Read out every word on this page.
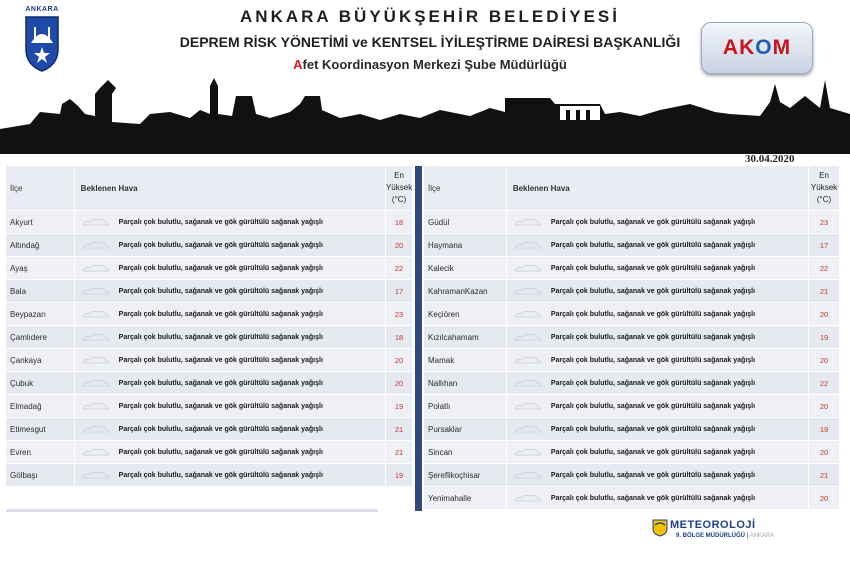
ANKARA	ANKARA BÜYÜKŞEHİR BELEDİYESİ
DEPREM RİSK YÖNETİMİ ve KENTSEL İYİLEŞTİRME DAİRESİ BAŞKANLIĞI
Afet Koordinasyon Merkezi Şube Müdürlüğü
AKOM
30.04.2020
İlçe	Beklenen Hava
En
Yüksek
(°C)
Akyurt	Parçalı çok bulutlu, sağanak ve gök gürültülü sağanak yağışlı	18
Altındağ	Parçalı çok bulutlu, sağanak ve gök gürültülü sağanak yağışlı	20
Ayaş	Parçalı çok bulutlu, sağanak ve gök gürültülü sağanak yağışlı	22
Bala	Parçalı çok bulutlu, sağanak ve gök gürültülü sağanak yağışlı	17
Beypazarı	Parçalı çok bulutlu, sağanak ve gök gürültülü sağanak yağışlı	23
Çamlıdere	Parçalı çok bulutlu, sağanak ve gök gürültülü sağanak yağışlı	18
Çankaya	Parçalı çok bulutlu, sağanak ve gök gürültülü sağanak yağışlı	20
Çubuk	Parçalı çok bulutlu, sağanak ve gök gürültülü sağanak yağışlı	20
Elmadağ	Parçalı çok bulutlu, sağanak ve gök gürültülü sağanak yağışlı	19
Etimesgut	Parçalı çok bulutlu, sağanak ve gök gürültülü sağanak yağışlı	21
Evren	Parçalı çok bulutlu, sağanak ve gök gürültülü sağanak yağışlı	21
Gölbaşı	Parçalı çok bulutlu, sağanak ve gök gürültülü sağanak yağışlı	19
İlçe	Beklenen Hava
En
Yüksek
(°C)
Güdül	Parçalı çok bulutlu, sağanak ve gök gürültülü sağanak yağışlı	23
Haymana	Parçalı çok bulutlu, sağanak ve gök gürültülü sağanak yağışlı	17
Kalecik	Parçalı çok bulutlu, sağanak ve gök gürültülü sağanak yağışlı	22
KahramanKazan	Parçalı çok bulutlu, sağanak ve gök gürültülü sağanak yağışlı	21
Keçiören	Parçalı çok bulutlu, sağanak ve gök gürültülü sağanak yağışlı	20
Kızılcahamam	Parçalı çok bulutlu, sağanak ve gök gürültülü sağanak yağışlı	19
Mamak	Parçalı çok bulutlu, sağanak ve gök gürültülü sağanak yağışlı	20
Nallıhan	Parçalı çok bulutlu, sağanak ve gök gürültülü sağanak yağışlı	22
Polatlı	Parçalı çok bulutlu, sağanak ve gök gürültülü sağanak yağışlı	20
Pursaklar	Parçalı çok bulutlu, sağanak ve gök gürültülü sağanak yağışlı	19
Sincan	Parçalı çok bulutlu, sağanak ve gök gürültülü sağanak yağışlı	20
Şereflikoçhisar	Parçalı çok bulutlu, sağanak ve gök gürültülü sağanak yağışlı	21
Yenimahalle	Parçalı çok bulutlu, sağanak ve gök gürültülü sağanak yağışlı	20
METEOROLOJİ
9. BÖLGE MÜDÜRLÜĞÜ | ANKARA
